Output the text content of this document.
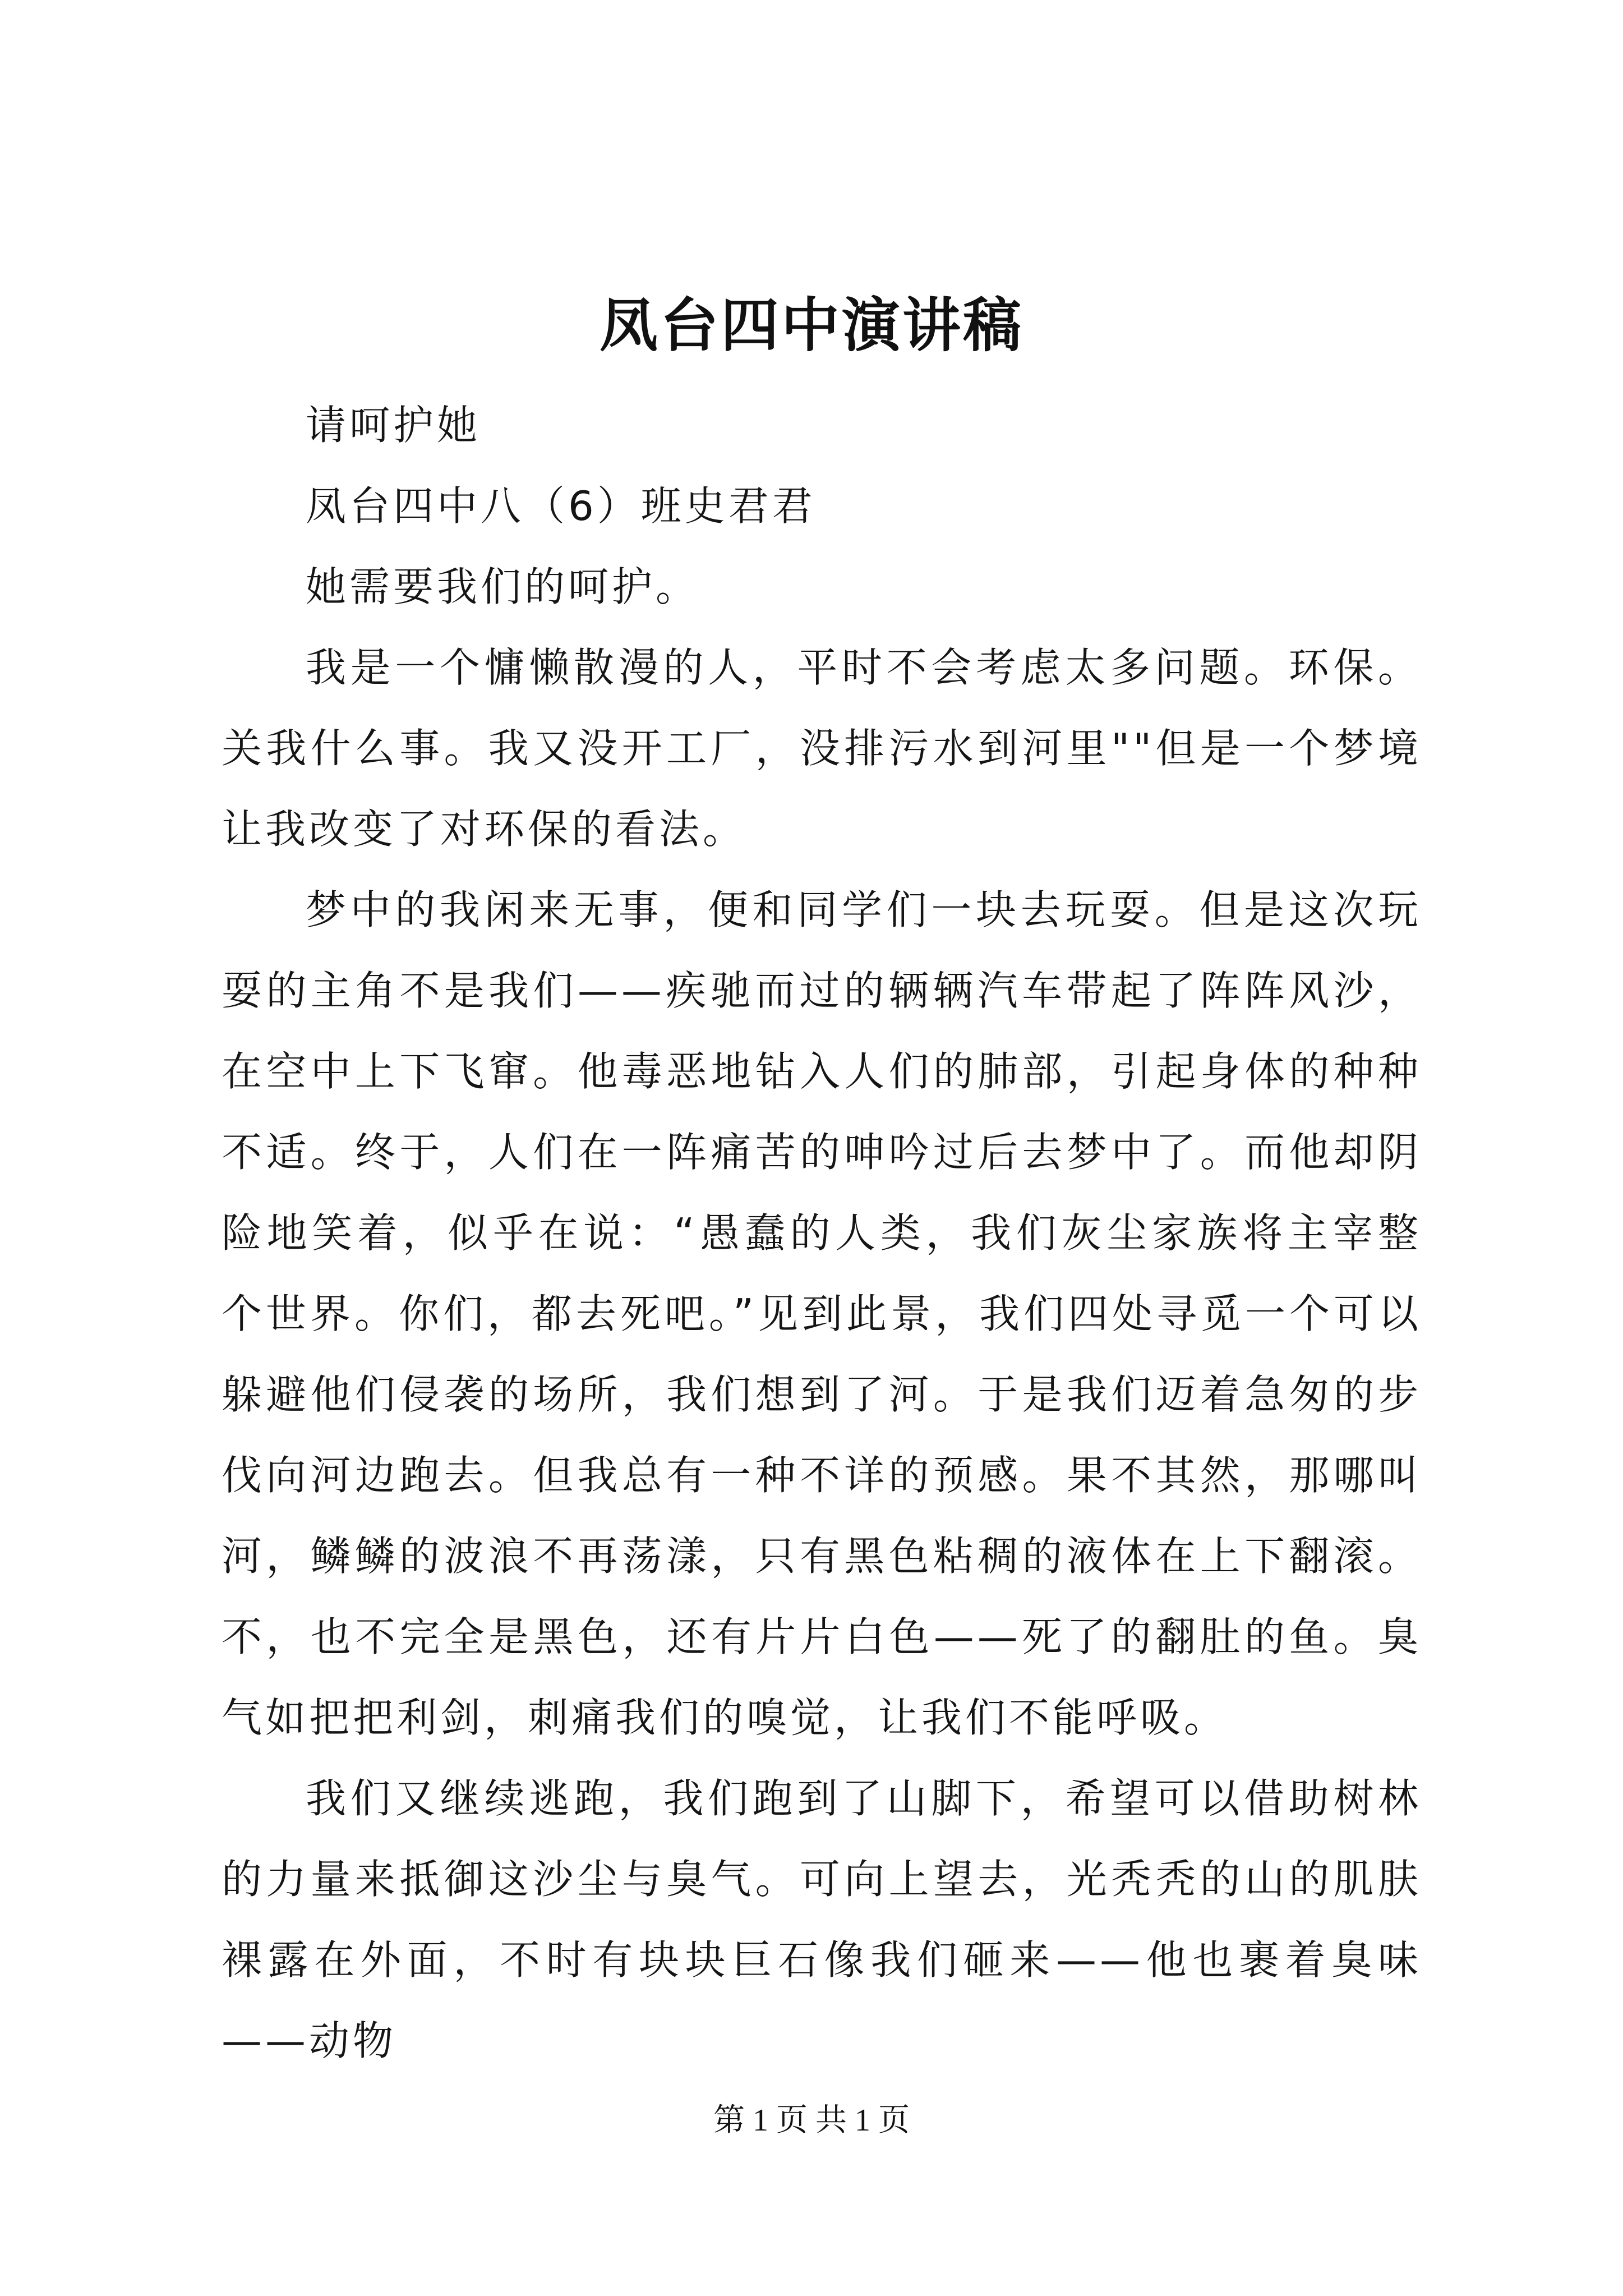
凤台四中演讲稿

请呵护她

凤台四中八（6）班史君君

她需要我们的呵护。

我是一个慵懒散漫的人，平时不会考虑太多问题。环保。关我什么事。我又没开工厂，没排污水到河里""但是一个梦境让我改变了对环保的看法。

梦中的我闲来无事，便和同学们一块去玩耍。但是这次玩耍的主角不是我们——疾驰而过的辆辆汽车带起了阵阵风沙，在空中上下飞窜。他毒恶地钻入人们的肺部，引起身体的种种不适。终于，人们在一阵痛苦的呻吟过后去梦中了。而他却阴险地笑着，似乎在说：“愚蠢的人类，我们灰尘家族将主宰整个世界。你们，都去死吧。”见到此景，我们四处寻觅一个可以躲避他们侵袭的场所，我们想到了河。于是我们迈着急匆的步伐向河边跑去。但我总有一种不详的预感。果不其然，那哪叫河，鳞鳞的波浪不再荡漾，只有黑色粘稠的液体在上下翻滚。不，也不完全是黑色，还有片片白色——死了的翻肚的鱼。臭气如把把利剑，刺痛我们的嗅觉，让我们不能呼吸。

我们又继续逃跑，我们跑到了山脚下，希望可以借助树林的力量来抵御这沙尘与臭气。可向上望去，光秃秃的山的肌肤裸露在外面，不时有块块巨石像我们砸来——他也裹着臭味——动物

第 1 页 共 1 页
